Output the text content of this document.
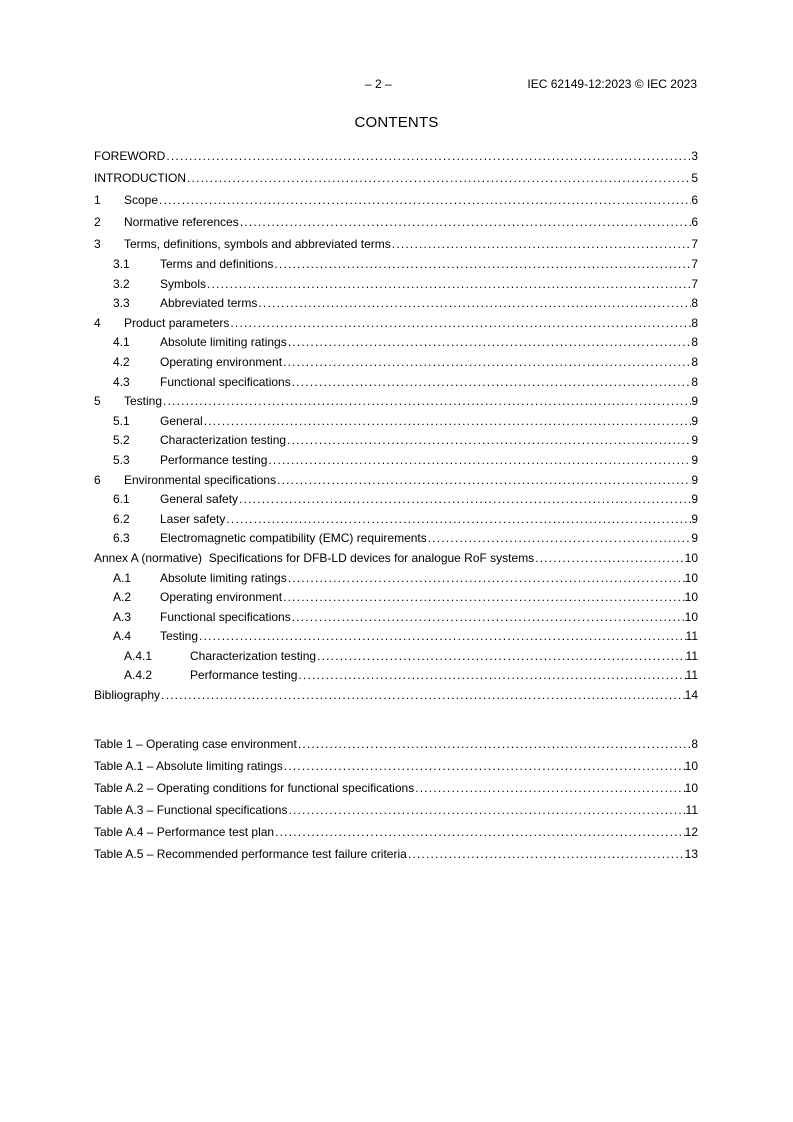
– 2 –	IEC 62149-12:2023 © IEC 2023
CONTENTS
FOREWORD .....	3
INTRODUCTION .....	5
1 Scope .....	6
2 Normative references .....	6
3 Terms, definitions, symbols and abbreviated terms .....	7
3.1	Terms and definitions .....	7
3.2	Symbols .....	7
3.3	Abbreviated terms .....	8
4 Product parameters .....	8
4.1	Absolute limiting ratings .....	8
4.2	Operating environment .....	8
4.3	Functional specifications .....	8
5 Testing .....	9
5.1	General .....	9
5.2	Characterization testing .....	9
5.3	Performance testing .....	9
6 Environmental specifications .....	9
6.1	General safety .....	9
6.2	Laser safety .....	9
6.3	Electromagnetic compatibility (EMC) requirements .....	9
Annex A (normative)  Specifications for DFB-LD devices for analogue RoF systems .....	10
A.1 Absolute limiting ratings .....	10
A.2 Operating environment .....	10
A.3 Functional specifications .....	10
A.4 Testing .....	11
A.4.1	Characterization testing .....	11
A.4.2	Performance testing .....	11
Bibliography .....	14
Table 1 – Operating case environment .....	8
Table A.1 – Absolute limiting ratings .....	10
Table A.2 – Operating conditions for functional specifications .....	10
Table A.3 – Functional specifications .....	11
Table A.4 – Performance test plan .....	12
Table A.5 – Recommended performance test failure criteria .....	13
